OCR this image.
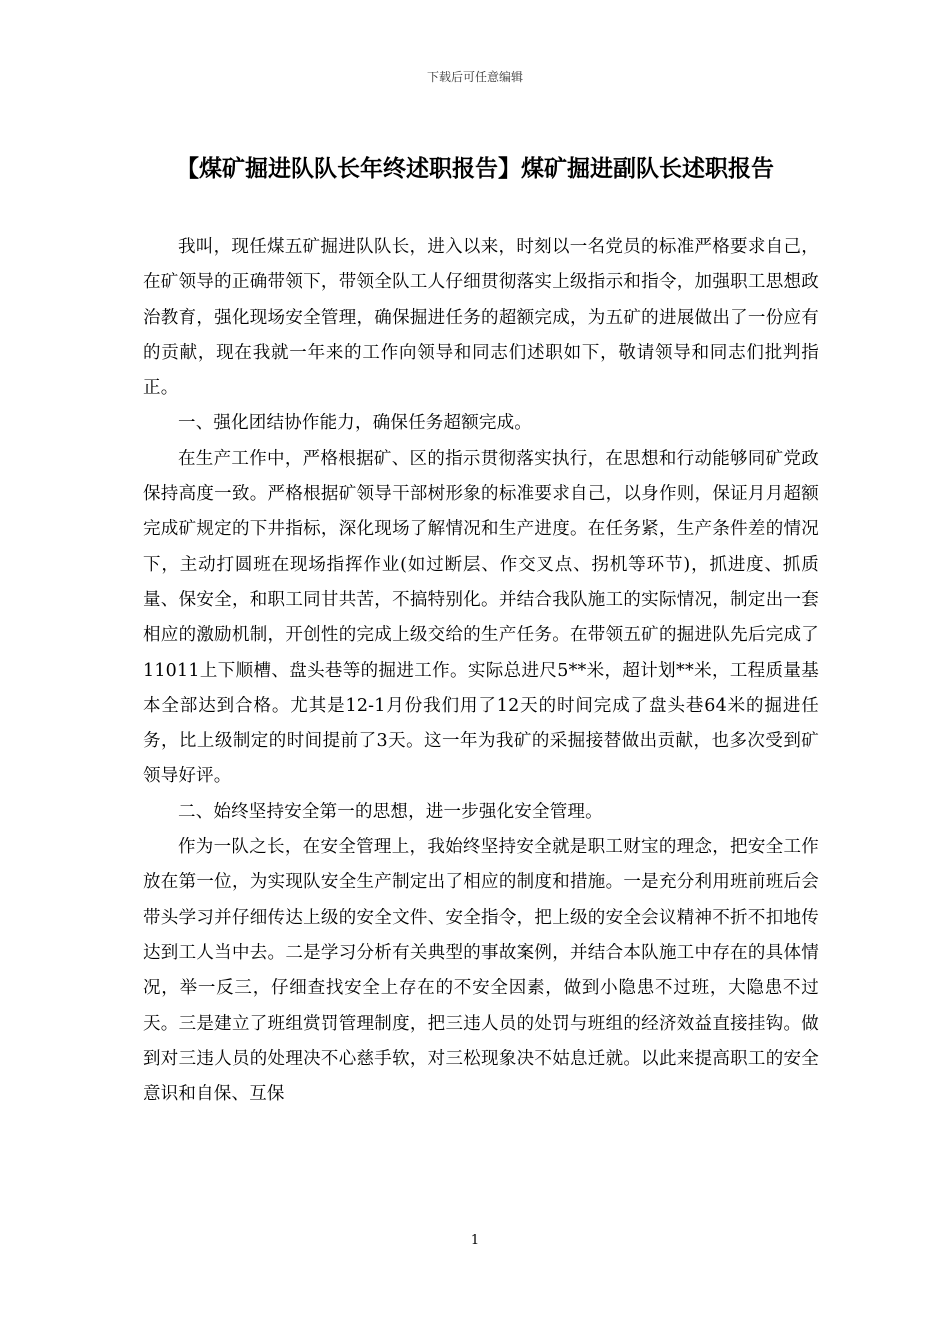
下载后可任意编辑
【煤矿掘进队队长年终述职报告】煤矿掘进副队长述职报告

我叫，现任煤五矿掘进队队长，进入以来，时刻以一名党员的标准严格要求自己，在矿领导的正确带领下，带领全队工人仔细贯彻落实上级指示和指令，加强职工思想政治教育，强化现场安全管理，确保掘进任务的超额完成，为五矿的进展做出了一份应有的贡献，现在我就一年来的工作向领导和同志们述职如下，敬请领导和同志们批判指正。

一、强化团结协作能力，确保任务超额完成。

在生产工作中，严格根据矿、区的指示贯彻落实执行，在思想和行动能够同矿党政保持高度一致。严格根据矿领导干部树形象的标准要求自己，以身作则，保证月月超额完成矿规定的下井指标，深化现场了解情况和生产进度。在任务紧，生产条件差的情况下，主动打圆班在现场指挥作业(如过断层、作交叉点、拐机等环节)，抓进度、抓质量、保安全，和职工同甘共苦，不搞特别化。并结合我队施工的实际情况，制定出一套相应的激励机制，开创性的完成上级交给的生产任务。在带领五矿的掘进队先后完成了11011上下顺槽、盘头巷等的掘进工作。实际总进尺5**米，超计划**米，工程质量基本全部达到合格。尤其是12-1月份我们用了12天的时间完成了盘头巷64米的掘进任务，比上级制定的时间提前了3天。这一年为我矿的采掘接替做出贡献，也多次受到矿领导好评。

二、始终坚持安全第一的思想，进一步强化安全管理。

作为一队之长，在安全管理上，我始终坚持安全就是职工财宝的理念，把安全工作放在第一位，为实现队安全生产制定出了相应的制度和措施。一是充分利用班前班后会带头学习并仔细传达上级的安全文件、安全指令，把上级的安全会议精神不折不扣地传达到工人当中去。二是学习分析有关典型的事故案例，并结合本队施工中存在的具体情况，举一反三，仔细查找安全上存在的不安全因素，做到小隐患不过班，大隐患不过天。三是建立了班组赏罚管理制度，把三违人员的处罚与班组的经济效益直接挂钩。做到对三违人员的处理决不心慈手软，对三松现象决不姑息迁就。以此来提高职工的安全意识和自保、互保

1
